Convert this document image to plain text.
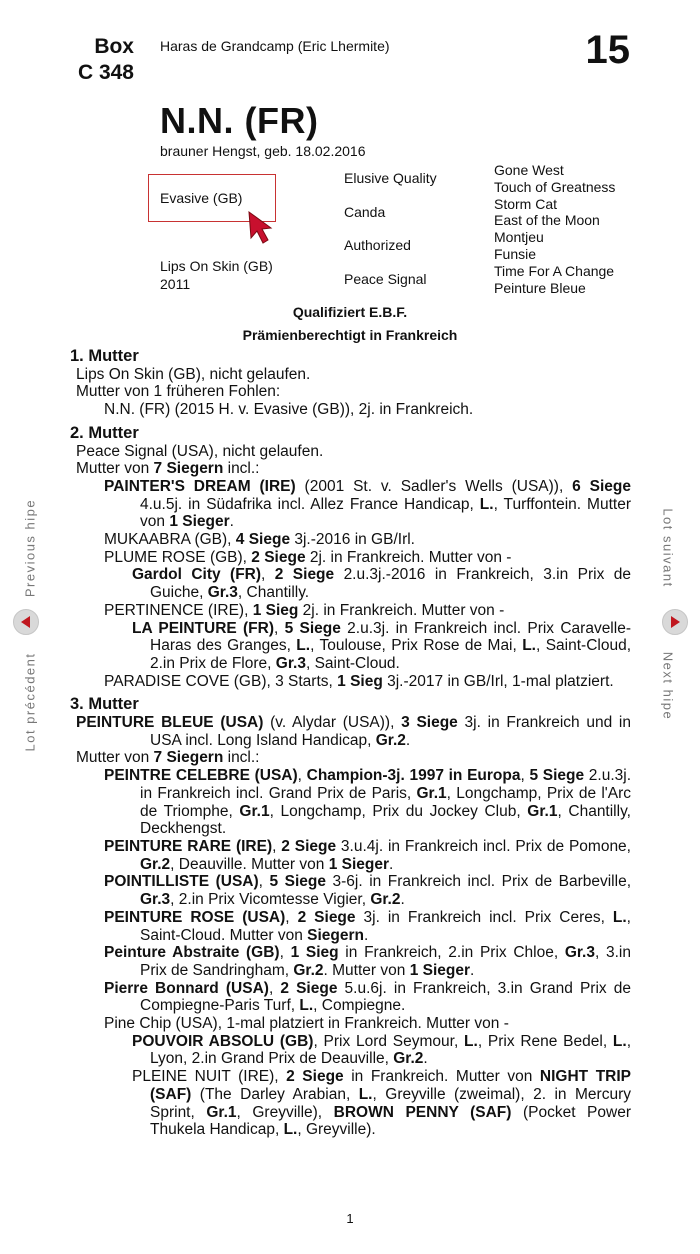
Box
C 348
Haras de Grandcamp (Eric Lhermite)	15
N.N. (FR)
brauner Hengst, geb. 18.02.2016
Evasive (GB)
Lips On Skin (GB)
2011
Elusive Quality
Canda
Authorized
Peace Signal
Gone West
Touch of Greatness
Storm Cat
East of the Moon
Montjeu
Funsie
Time For A Change
Peinture Bleue
Qualifiziert E.B.F.
Prämienberechtigt in Frankreich
1. Mutter
Lips On Skin (GB), nicht gelaufen.
Mutter von 1 früheren Fohlen:
N.N. (FR) (2015 H. v. Evasive (GB)), 2j. in Frankreich.
2. Mutter
Peace Signal (USA), nicht gelaufen.
Mutter von 7 Siegern incl.:
PAINTER'S DREAM (IRE) (2001 St. v. Sadler's Wells (USA)), 6 Siege 4.u.5j. in Südafrika incl. Allez France Handicap, L., Turffontein. Mutter von 1 Sieger.
MUKAABRA (GB), 4 Siege 3j.-2016 in GB/Irl.
PLUME ROSE (GB), 2 Siege 2j. in Frankreich. Mutter von -
Gardol City (FR), 2 Siege 2.u.3j.-2016 in Frankreich, 3.in Prix de Guiche, Gr.3, Chantilly.
PERTINENCE (IRE), 1 Sieg 2j. in Frankreich. Mutter von -
LA PEINTURE (FR), 5 Siege 2.u.3j. in Frankreich incl. Prix Caravelle-Haras des Granges, L., Toulouse, Prix Rose de Mai, L., Saint-Cloud, 2.in Prix de Flore, Gr.3, Saint-Cloud.
PARADISE COVE (GB), 3 Starts, 1 Sieg 3j.-2017 in GB/Irl, 1-mal platziert.
3. Mutter
PEINTURE BLEUE (USA) (v. Alydar (USA)), 3 Siege 3j. in Frankreich und in USA incl. Long Island Handicap, Gr.2.
Mutter von 7 Siegern incl.:
PEINTRE CELEBRE (USA), Champion-3j. 1997 in Europa, 5 Siege 2.u.3j. in Frankreich incl. Grand Prix de Paris, Gr.1, Longchamp, Prix de l'Arc de Triomphe, Gr.1, Longchamp, Prix du Jockey Club, Gr.1, Chantilly, Deckhengst.
PEINTURE RARE (IRE), 2 Siege 3.u.4j. in Frankreich incl. Prix de Pomone, Gr.2, Deauville. Mutter von 1 Sieger.
POINTILLISTE (USA), 5 Siege 3-6j. in Frankreich incl. Prix de Barbeville, Gr.3, 2.in Prix Vicomtesse Vigier, Gr.2.
PEINTURE ROSE (USA), 2 Siege 3j. in Frankreich incl. Prix Ceres, L., Saint-Cloud. Mutter von Siegern.
Peinture Abstraite (GB), 1 Sieg in Frankreich, 2.in Prix Chloe, Gr.3, 3.in Prix de Sandringham, Gr.2. Mutter von 1 Sieger.
Pierre Bonnard (USA), 2 Siege 5.u.6j. in Frankreich, 3.in Grand Prix de Compiegne-Paris Turf, L., Compiegne.
Pine Chip (USA), 1-mal platziert in Frankreich. Mutter von -
POUVOIR ABSOLU (GB), Prix Lord Seymour, L., Prix Rene Bedel, L., Lyon, 2.in Grand Prix de Deauville, Gr.2.
PLEINE NUIT (IRE), 2 Siege in Frankreich. Mutter von NIGHT TRIP (SAF) (The Darley Arabian, L., Greyville (zweimal), 2. in Mercury Sprint, Gr.1, Greyville), BROWN PENNY (SAF) (Pocket Power Thukela Handicap, L., Greyville).
Previous hipe
Lot précédent
Lot suivant
Next hipe
1
